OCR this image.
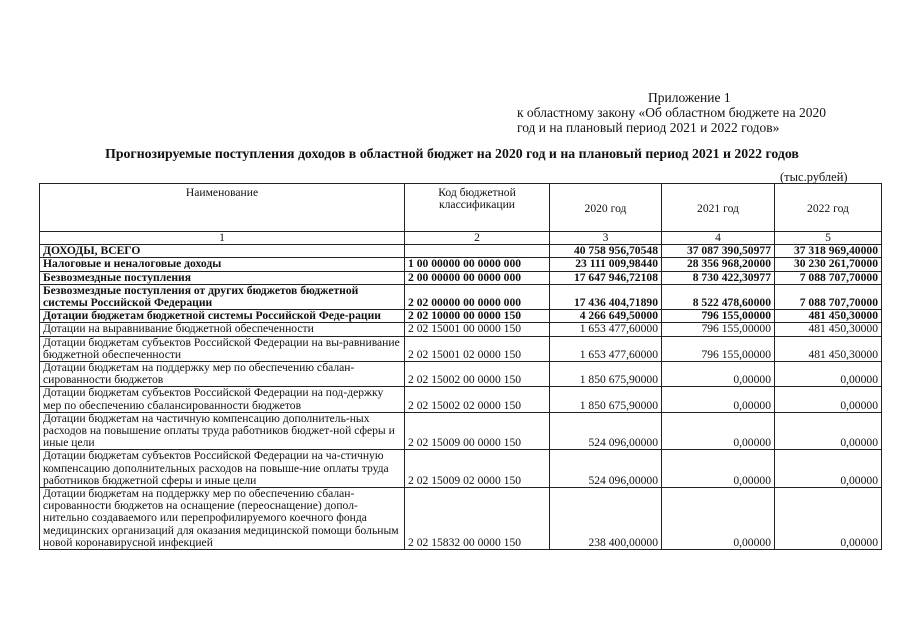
Приложение 1
к областному закону «Об областном бюджете на 2020
год и на плановый период 2021 и 2022 годов»
Прогнозируемые поступления доходов в областной бюджет на 2020 год и на плановый период 2021 и 2022 годов
(тыс.рублей)
Наименование	Код бюджетной классификации	2020 год	2021 год	2022 год
1	2	3	4	5
ДОХОДЫ, ВСЕГО		40 758 956,70548	37 087 390,50977	37 318 969,40000
Налоговые и неналоговые доходы	1 00 00000 00 0000 000	23 111 009,98440	28 356 968,20000	30 230 261,70000
Безвозмездные поступления	2 00 00000 00 0000 000	17 647 946,72108	8 730 422,30977	7 088 707,70000
Безвозмездные поступления от других бюджетов бюджетной системы Российской Федерации	2 02 00000 00 0000 000	17 436 404,71890	8 522 478,60000	7 088 707,70000
Дотации бюджетам бюджетной системы Российской Феде-рации	2 02 10000 00 0000 150	4 266 649,50000	796 155,00000	481 450,30000
Дотации на выравнивание бюджетной обеспеченности	2 02 15001 00 0000 150	1 653 477,60000	796 155,00000	481 450,30000
Дотации бюджетам субъектов Российской Федерации на вы-равнивание бюджетной обеспеченности	2 02 15001 02 0000 150	1 653 477,60000	796 155,00000	481 450,30000
Дотации бюджетам на поддержку мер по обеспечению сбалан-сированности бюджетов	2 02 15002 00 0000 150	1 850 675,90000	0,00000	0,00000
Дотации бюджетам субъектов Российской Федерации на под-держку мер по обеспечению сбалансированности бюджетов	2 02 15002 02 0000 150	1 850 675,90000	0,00000	0,00000
Дотации бюджетам на частичную компенсацию дополнитель-ных расходов на повышение оплаты труда работников бюджет-ной сферы и иные цели	2 02 15009 00 0000 150	524 096,00000	0,00000	0,00000
Дотации бюджетам субъектов Российской Федерации на ча-стичную компенсацию дополнительных расходов на повыше-ние оплаты труда работников бюджетной сферы и иные цели	2 02 15009 02 0000 150	524 096,00000	0,00000	0,00000
Дотации бюджетам на поддержку мер по обеспечению сбалан-сированности бюджетов на оснащение (переоснащение) допол-нительно создаваемого или перепрофилируемого коечного фонда медицинских организаций для оказания медицинской помощи больным новой коронавирусной инфекцией	2 02 15832 00 0000 150	238 400,00000	0,00000	0,00000
